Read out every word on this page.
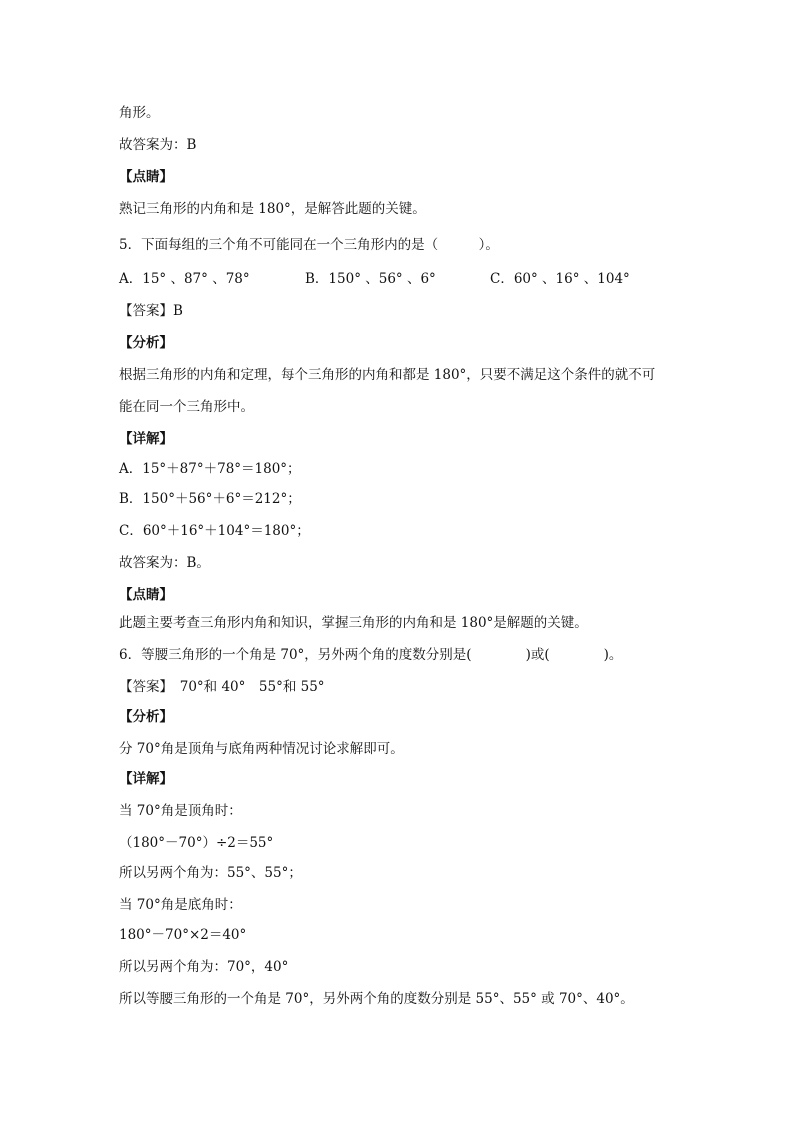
角形。
故答案为：B
【点睛】
熟记三角形的内角和是 180°，是解答此题的关键。
5．下面每组的三个角不可能同在一个三角形内的是（　　　）。
A．15° 、87° 、78°	B．150° 、56° 、6°	C．60° 、16° 、104°
【答案】B
【分析】
根据三角形的内角和定理，每个三角形的内角和都是 180°，只要不满足这个条件的就不可
能在同一个三角形中。
【详解】
A．15°＋87°＋78°＝180°；
B．150°＋56°＋6°＝212°；
C．60°＋16°＋104°＝180°；
故答案为：B。
【点睛】
此题主要考查三角形内角和知识，掌握三角形的内角和是 180°是解题的关键。
6．等腰三角形的一个角是 70°，另外两个角的度数分别是(　　　　)或(　　　　)。
【答案】　70°和 40°　55°和 55°
【分析】
分 70°角是顶角与底角两种情况讨论求解即可。
【详解】
当 70°角是顶角时：
（180°－70°）÷2＝55°
所以另两个角为：55°、55°；
当 70°角是底角时：
180°－70°×2＝40°
所以另两个角为：70°，40°
所以等腰三角形的一个角是 70°，另外两个角的度数分别是 55°、55° 或 70°、40°。
